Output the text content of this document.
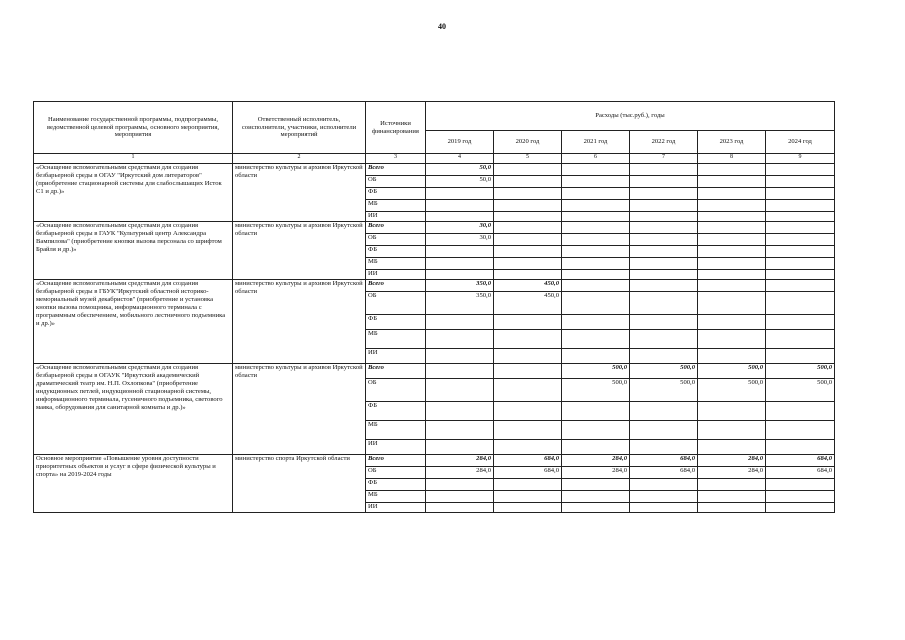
40
Наименование государственной программы, подпрограммы, ведомственной целевой программы, основного мероприятия, мероприятия	Ответственный исполнитель, соисполнители, участники, исполнители мероприятий	Источники финансирования	Расходы (тыс.руб.), годы					
			2019 год	2020 год	2021 год	2022 год	2023 год	2024 год
1	2	3	4	5	6	7	8	9
«Оснащение вспомогательными средствами для создания безбарьерной среды в ОГАУ "Иркутский дом литераторов" (приобретение стационарной системы для слабослышащих Исток С1 и др.)»	министерство культуры и архивов Иркутской области	Всего	50,0					
		ОБ	50,0					
		ФБ						
		МБ						
		ИИ						
«Оснащение вспомогательными средствами для создания безбарьерной среды в ГАУК "Культурный центр Александра Вампилова" (приобретение кнопки вызова персонала со шрифтом Брайля и др.)»	министерство культуры и архивов Иркутской области	Всего	30,0					
		ОБ	30,0					
		ФБ						
		МБ						
		ИИ						
«Оснащение вспомогательными средствами для создания безбарьерной среды в ГБУК"Иркутский областной историко-мемориальный музей декабристов" (приобретение и установка кнопки вызова помощника, информационного терминала с программным обеспечением, мобильного лестничного подъемника и др.)»	министерство культуры и архивов Иркутской области	Всего	350,0	450,0				
		ОБ	350,0	450,0				
		ФБ						
		МБ						
		ИИ						
«Оснащение вспомогательными средствами для создания безбарьерной среды в ОГАУК "Иркутский академический драматический театр им. Н.П. Охлопкова" (приобретение индукционных петлей, индукционной стационарной системы, информационного терминала, гусеничного подъемника, светового маяка, оборудования для санитарной комнаты и др.)»	министерство культуры и архивов Иркутской области	Всего			500,0	500,0	500,0	500,0
		ОБ			500,0	500,0	500,0	500,0
		ФБ						
		МБ						
		ИИ						
Основное мероприятие «Повышение уровня доступности приоритетных объектов и услуг в сфере физической культуры и спорта» на 2019-2024 годы	министерство спорта Иркутской области	Всего	284,0	684,0	284,0	684,0	284,0	684,0
		ОБ	284,0	684,0	284,0	684,0	284,0	684,0
		ФБ						
		МБ						
		ИИ						
